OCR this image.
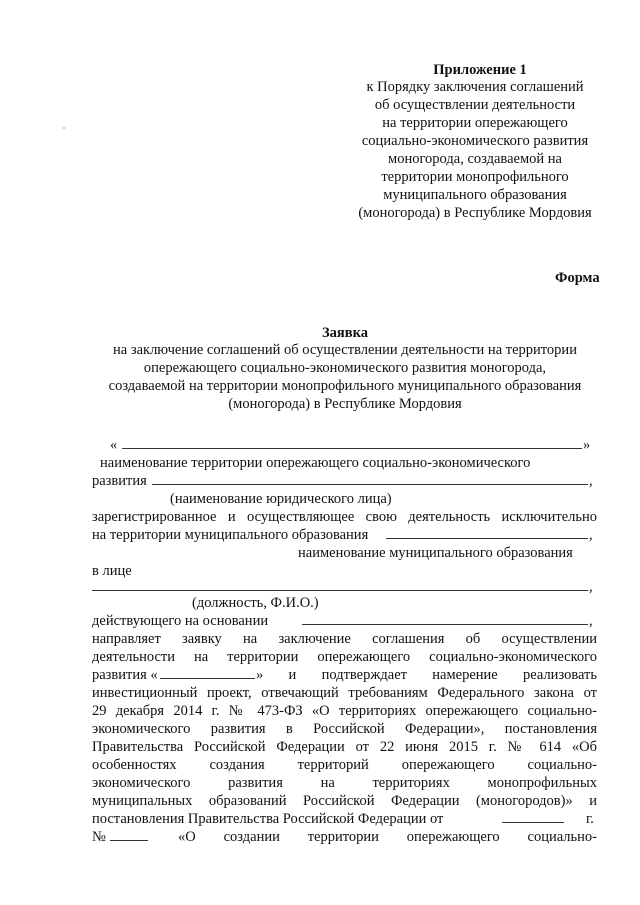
Приложение 1
к Порядку заключения соглашений
об осуществлении деятельности
на территории опережающего
социально-экономического развития
моногорода, создаваемой на
территории монопрофильного
муниципального образования
(моногорода) в Республике Мордовия
Форма
Заявка
на заключение соглашений об осуществлении деятельности на территории
опережающего социально-экономического развития моногорода,
создаваемой на территории монопрофильного муниципального образования
(моногорода) в Республике Мордовия
«	»
наименование территории опережающего социально-экономического
развития	,
(наименование юридического лица)
зарегистрированное и осуществляющее свою деятельность исключительно
на территории муниципального образования	,
наименование муниципального образования
в лице
,
(должность, Ф.И.О.)
действующего на основании	,
направляет заявку на заключение соглашения об осуществлении
деятельности на территории опережающего социально-экономического
развития «	» и подтверждает намерение реализовать
инвестиционный проект, отвечающий требованиям Федерального закона от
29 декабря 2014 г. № 473-ФЗ «О территориях опережающего социально-
экономического развития в Российской Федерации», постановления
Правительства Российской Федерации от 22 июня 2015 г. № 614 «Об
особенностях создания территорий опережающего социально-
экономического развития на территориях монопрофильных
муниципальных образований Российской Федерации (моногородов)» и
постановления Правительства Российской Федерации от	г.
№	«О создании территории опережающего социально-
